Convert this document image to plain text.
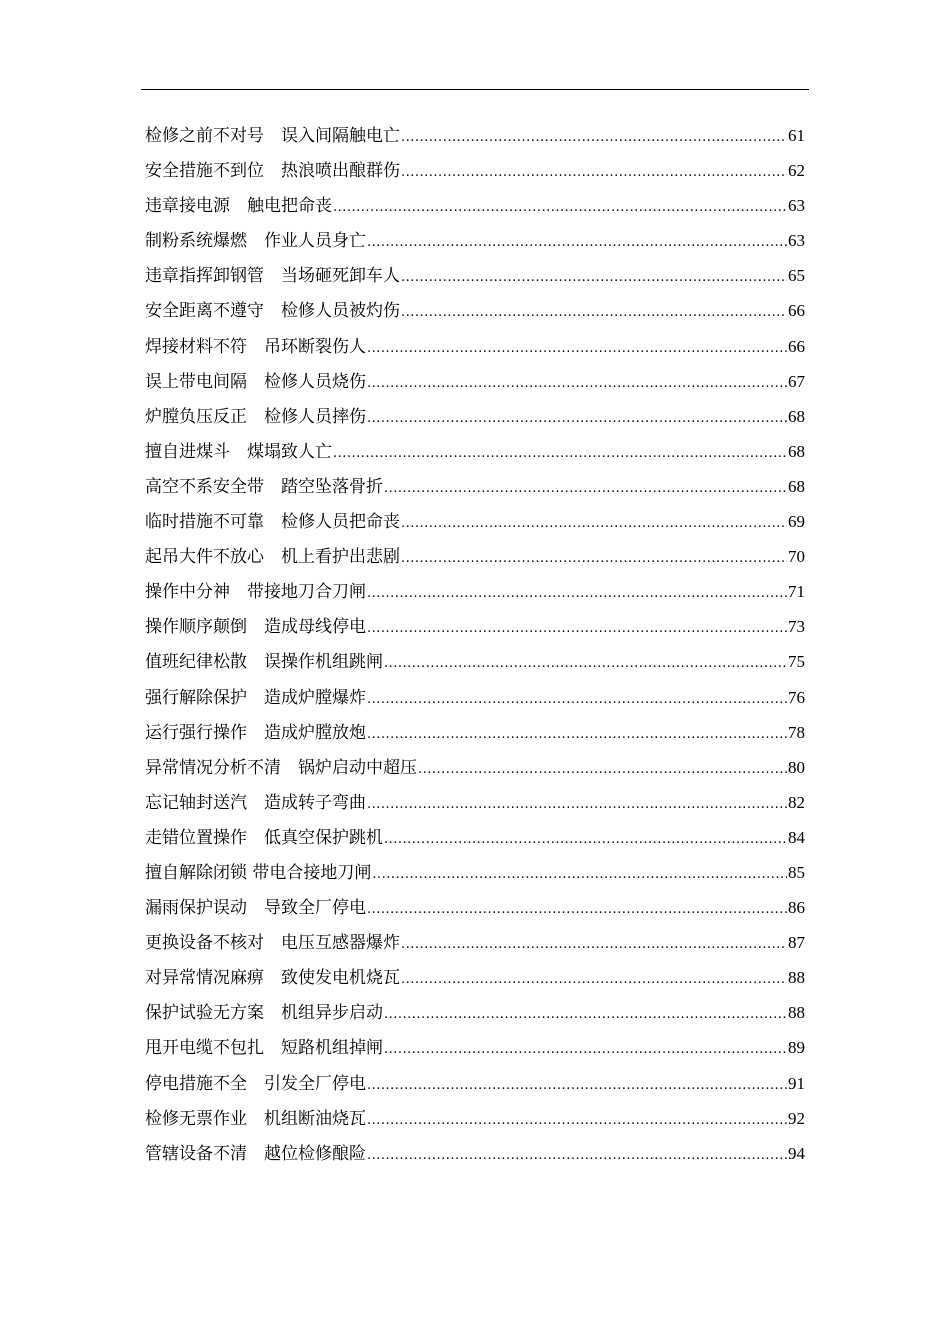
检修之前不对号　误入间隔触电亡 .....	61
安全措施不到位　热浪喷出酿群伤 .....	62
违章接电源　触电把命丧 .....	63
制粉系统爆燃　作业人员身亡 .....	63
违章指挥卸钢管　当场砸死卸车人 .....	65
安全距离不遵守　检修人员被灼伤 .....	66
焊接材料不符　吊环断裂伤人 .....	66
误上带电间隔　检修人员烧伤 .....	67
炉膛负压反正　检修人员摔伤 .....	68
擅自进煤斗　煤塌致人亡 .....	68
高空不系安全带　踏空坠落骨折 .....	68
临时措施不可靠　检修人员把命丧 .....	69
起吊大件不放心　机上看护出悲剧 .....	70
操作中分神　带接地刀合刀闸 .....	71
操作顺序颠倒　造成母线停电 .....	73
值班纪律松散　误操作机组跳闸 .....	75
强行解除保护　造成炉膛爆炸 .....	76
运行强行操作　造成炉膛放炮 .....	78
异常情况分析不清　锅炉启动中超压 .....	80
忘记轴封送汽　造成转子弯曲 .....	82
走错位置操作　低真空保护跳机 .....	84
擅自解除闭锁 带电合接地刀闸 .....	85
漏雨保护误动　导致全厂停电 .....	86
更换设备不核对　电压互感器爆炸 .....	87
对异常情况麻痹　致使发电机烧瓦 .....	88
保护试验无方案　机组异步启动 .....	88
甩开电缆不包扎　短路机组掉闸 .....	89
停电措施不全　引发全厂停电 .....	91
检修无票作业　机组断油烧瓦 .....	92
管辖设备不清　越位检修酿险 .....	94
